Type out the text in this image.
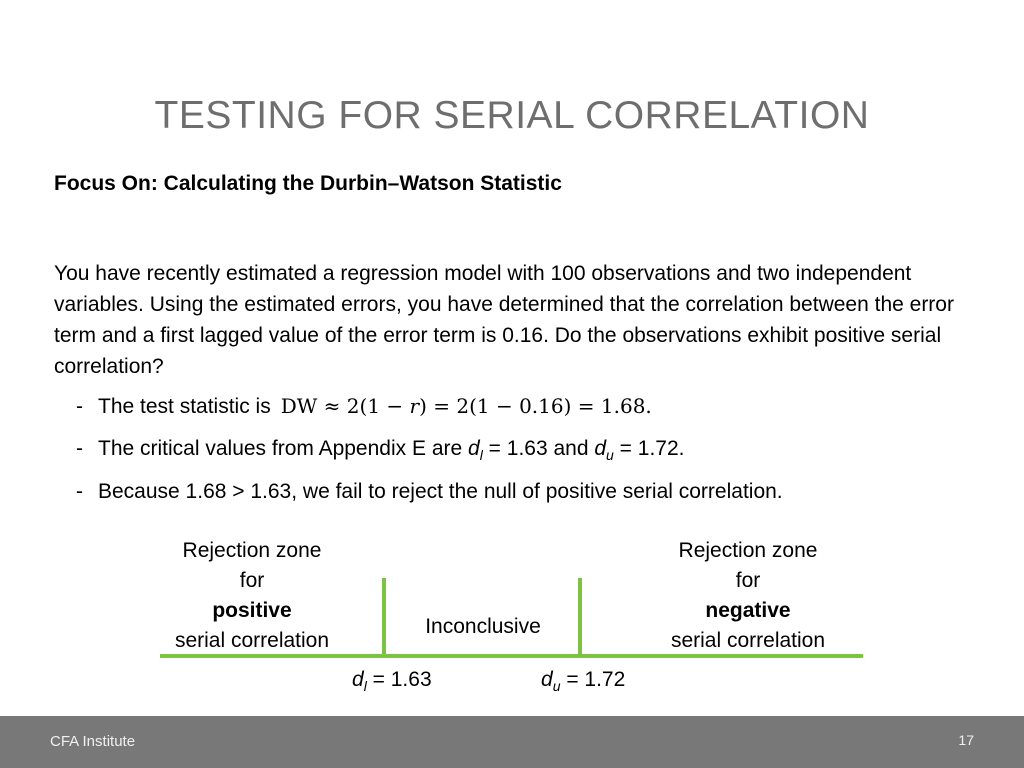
TESTING FOR SERIAL CORRELATION
Focus On: Calculating the Durbin–Watson Statistic
You have recently estimated a regression model with 100 observations and two independent variables. Using the estimated errors, you have determined that the correlation between the error term and a first lagged value of the error term is 0.16. Do the observations exhibit positive serial correlation?
- The test statistic is DW ≈ 2(1 − r) = 2(1 − 0.16) = 1.68.
- The critical values from Appendix E are $d_l = 1.63$ and $d_u = 1.72$.
- Because 1.68 > 1.63, we fail to reject the null of positive serial correlation.
Rejection zone
for
positive
serial correlation
Inconclusive
Rejection zone
for
negative
serial correlation
$d_l = 1.63$	$d_u = 1.72$
CFA Institute	17
